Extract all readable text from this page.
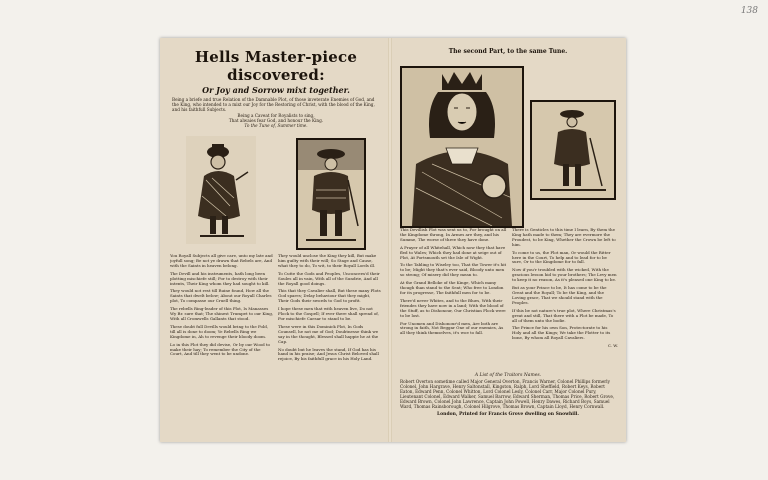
138
Hells Master-piece discovered:
Or Joy and Sorrow mixt together.
Being a briefe and true Relation of the Damnable Plot, of those inveterate Enemies of God, and the King, who intended to a mixt our Joy for the Restoring of Christ, with the blood of the King, and his faithfull Subjects.
Being a Caveat for Royalists to sing,
That alwaies fear God, and honour the King.
To the Tune of, Summer time.

You Royall Subjects all give care, unto my late and joyfull song; Be not ye drawn that Rebels are, And with the Saints in heaven belong.

The Devill and his instruments, hath long been plotting mischiefe still; For to destroy with their intents, Their King whom they had sought to kill.

They would not rest till Ruine found, How all the Saints that dwelt below; About our Royall Charles plot, To compasse our Cruell thing.

The rebells Ring-leader of this Plot, Is Manasses Wy Br. sure that; The shinest Trumpet to our King, With all Cromwells Gallants that stood.

These doubt full Devills would bring to the Fold, till all is done to doom; Ye Rebells Ring we Kingdome in, Ah to revenge their bloody doom.

Lo in this Plot they did devise, Or by our Wood to make their hay; To remember the City of the Court, And till they went to be undone.

They would unclose the King they kill, But make him guilty with their will; So Stage and Cause, what they to do, To wit, to their Royall Lords ill.

To Cutte the Gods and Peoples, Unconcern'd their Soules all in vain, With all of the Sundrie, And all the Royall good doings.

This that they Cavalier shall, But these many Plots God spares; Delay behaviour that they might, Their Gods their swords to God to profit.

I hope these men that with heaven live, Do not Flock to the Gospell; If ever there shall spread of, For mischiefe Caesar to stand to be.

These were in this Dominick Plot, In Gods Counsell, he not me of God; Doubtnesse think we say in the thought, Blessed shall happie he at the Cap.

No doubt but he leaves the stand, If God has his hand in his praise; And Jesus Christ Beloved shall rejoice, By his faithfull grace in his Holy Land.

The second Part, to the same Tune.

This Devillish Plot was sent us to, For brought on all the Kingdome throng, In Armes are they, and his Summe, The worse of three they have done.

A Prayer of all Whitehall, Which now they that have fled to Wales; Which they had done at seige out of Plot, At Portsmouth set the Isle of Wight.

To the Tabling to Wiseley too, That the Tower it's hit to be; Might they that's ever said, Bloody unto men so strong; Of misery did they mean to.

At the Grand Belloke of the Kinge, Which many though than stand to the Seat; Who free to London for its progresse, The faithfull men for to be.

There'd never Whites, and to the Blues, With their friendes they have now in a land; With the blood of the Stuff, as to Dishonour, Our Christian Flock were to be lost.

For Unomen and Dishonour'd men, Are both are strong in faith, Not Beggar One of our enemies, As all they think themselves, it's woe to fall.

There is Genticles to this time I learn, By them the King hath made to them; They are evermore the Proudest, to be King, Whether the Crown be left to him.

To come to us, the Plot man, Or would the Ritter here in the Court, To help and to lead for to be sure, Or to the Kingdome for to fall.

Now if you'r troubled with the wicked, With the gracious lesson hid to your brothers; The Levy men to keep it no reason, As it's pleased one King to be.

But as your Prince to be, It has come to be the Great and the Royall; To be the King, and the Loving grace, That we should stand with the Peoples.

If this be not nature's true plot, Where Christmas's great and still, That there with a Plot be made, To all of them unto the bodie.

The Prince for his own Son, Protectorate to his Holy and all the Kings; We take the Plotter to its bone, By whom all Royall Cavaliers.

C. W.
A List of the Traitors Names.
Robert Overton sometime called Major General Overton, Francis Warner, Colonel Phillips formerly Colonel, John Hargrave, Henry Saltonstall, Kingston, Ralph, Lord Sheffield, Robert Keys, Robert Eaton, Edward Penn, Colonel Whitton, Lord Colonel Lesly, Colonel Carr, Major Colonel Pury, Lieutenant Colonel, Edward Walker, Samuel Barrow, Edward Sherman, Thomas Price, Robert Grove, Edward Brown, Colonel John Lawrence, Captain John Powell, Henry Dawes, Richard Boys, Samuel Ward, Thomas Rainsborough, Colonel Hilgrove, Thomas Brown, Captain Lloyd, Henry Cornwall.
London, Printed for Francis Grove dwelling on Snowhill.
